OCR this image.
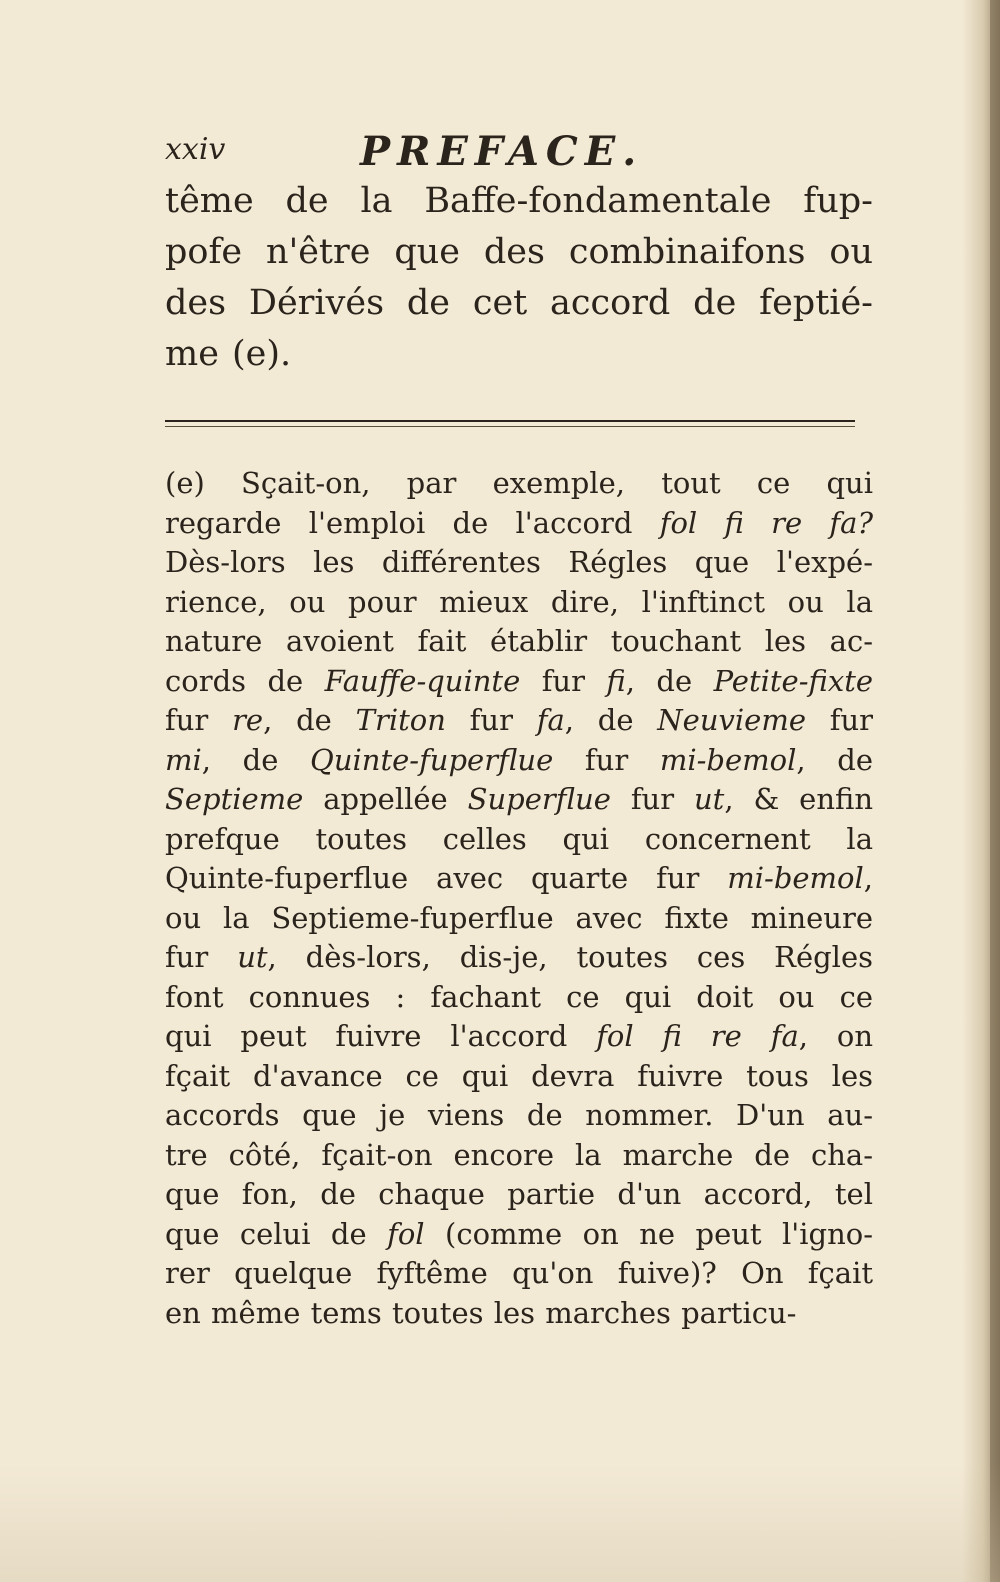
xxiv	PREFACE.
tême de la Baffe-fondamentale fup-
pofe n'être que des combinaifons ou
des Dérivés de cet accord de feptié-
me (e).
(e) Sçait-on, par exemple, tout ce qui
regarde l'emploi de l'accord fol fi re fa?
Dès-lors les différentes Régles que l'expé-
rience, ou pour mieux dire, l'inftinct ou la
nature avoient fait établir touchant les ac-
cords de Fauffe-quinte fur fi, de Petite-fixte
fur re, de Triton fur fa, de Neuvieme fur
mi, de Quinte-fuperflue fur mi-bemol, de
Septieme appellée Superflue fur ut, & enfin
prefque toutes celles qui concernent la
Quinte-fuperflue avec quarte fur mi-bemol,
ou la Septieme-fuperflue avec fixte mineure
fur ut, dès-lors, dis-je, toutes ces Régles
font connues : fachant ce qui doit ou ce
qui peut fuivre l'accord fol fi re fa, on
fçait d'avance ce qui devra fuivre tous les
accords que je viens de nommer. D'un au-
tre côté, fçait-on encore la marche de cha-
que fon, de chaque partie d'un accord, tel
que celui de fol (comme on ne peut l'igno-
rer quelque fyftême qu'on fuive)? On fçait
en même tems toutes les marches particu-
